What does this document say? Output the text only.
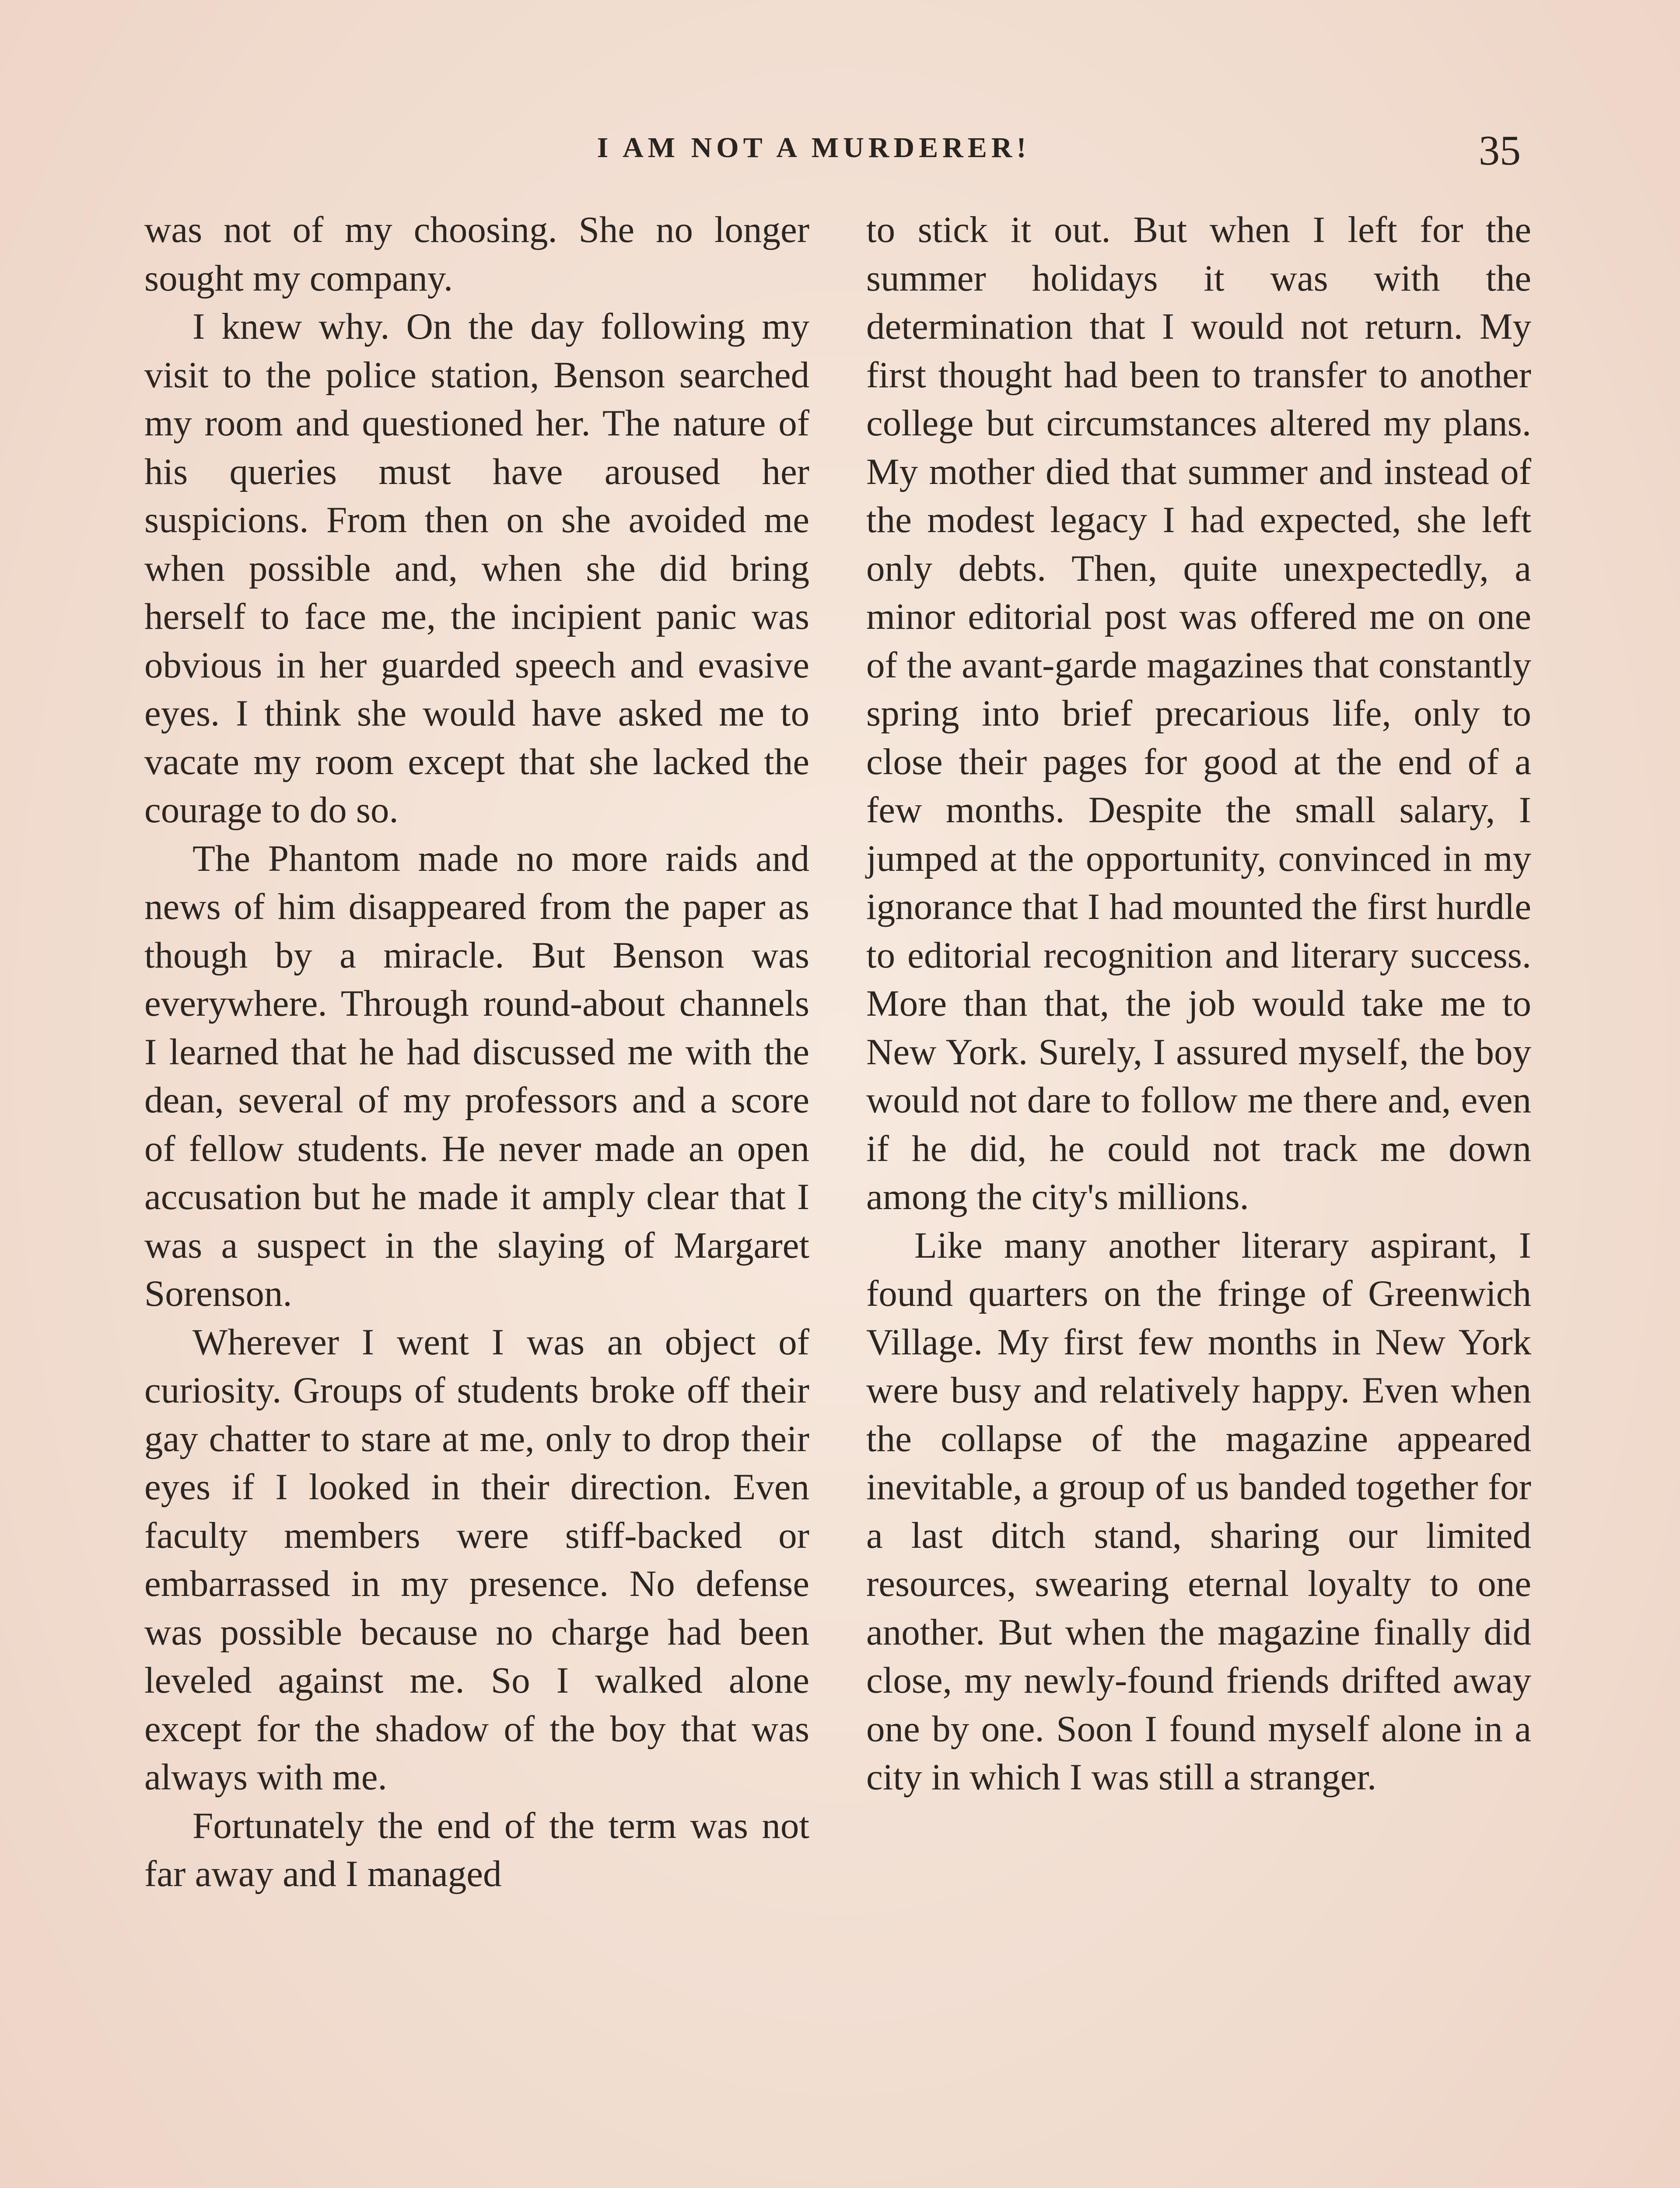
I AM NOT A MURDERER!	35

was not of my choosing. She no longer sought my company.

I knew why. On the day following my visit to the police station, Benson searched my room and questioned her. The nature of his queries must have aroused her suspicions. From then on she avoided me when possible and, when she did bring herself to face me, the incipient panic was obvious in her guarded speech and evasive eyes. I think she would have asked me to vacate my room except that she lacked the courage to do so.

The Phantom made no more raids and news of him disappeared from the paper as though by a miracle. But Benson was everywhere. Through round-about channels I learned that he had discussed me with the dean, several of my professors and a score of fellow students. He never made an open accusation but he made it amply clear that I was a suspect in the slaying of Margaret Sorenson.

Wherever I went I was an object of curiosity. Groups of students broke off their gay chatter to stare at me, only to drop their eyes if I looked in their direction. Even faculty members were stiff-backed or embarrassed in my presence. No defense was possible because no charge had been leveled against me. So I walked alone except for the shadow of the boy that was always with me.

Fortunately the end of the term was not far away and I managed

to stick it out. But when I left for the summer holidays it was with the determination that I would not return. My first thought had been to transfer to another college but circumstances altered my plans. My mother died that summer and instead of the modest legacy I had expected, she left only debts. Then, quite unexpectedly, a minor editorial post was offered me on one of the avant-garde magazines that constantly spring into brief precarious life, only to close their pages for good at the end of a few months. Despite the small salary, I jumped at the opportunity, convinced in my ignorance that I had mounted the first hurdle to editorial recognition and literary success. More than that, the job would take me to New York. Surely, I assured myself, the boy would not dare to follow me there and, even if he did, he could not track me down among the city's millions.

Like many another literary aspirant, I found quarters on the fringe of Greenwich Village. My first few months in New York were busy and relatively happy. Even when the collapse of the magazine appeared inevitable, a group of us banded together for a last ditch stand, sharing our limited resources, swearing eternal loyalty to one another. But when the magazine finally did close, my newly-found friends drifted away one by one. Soon I found myself alone in a city in which I was still a stranger.
